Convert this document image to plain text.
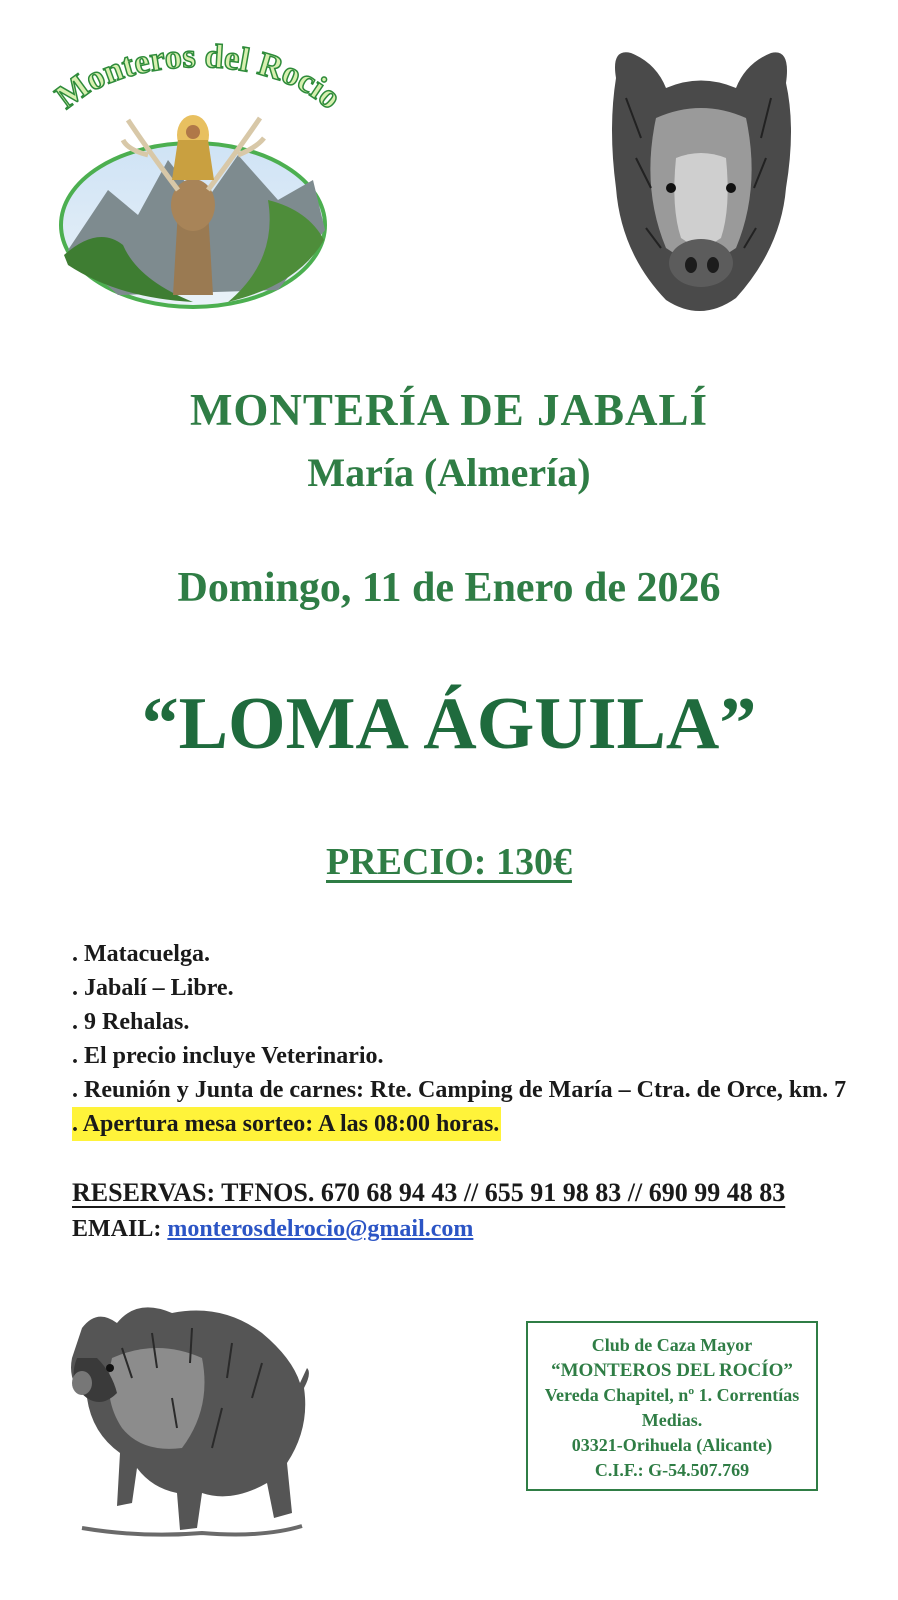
Monteros del Rocio
MONTERÍA DE JABALÍ
María (Almería)
Domingo, 11 de Enero de 2026
“LOMA ÁGUILA”
PRECIO: 130€
. Matacuelga.
. Jabalí – Libre.
. 9 Rehalas.
. El precio incluye Veterinario.
. Reunión y Junta de carnes: Rte. Camping de María – Ctra. de Orce, km. 7
. Apertura mesa sorteo: A las 08:00 horas.
RESERVAS: TFNOS. 670 68 94 43 // 655 91 98 83 // 690 99 48 83
EMAIL: monterosdelrocio@gmail.com
Club de Caza Mayor
“MONTEROS DEL ROCÍO”
Vereda Chapitel, nº 1. Correntías
Medias.
03321-Orihuela (Alicante)
C.I.F.: G-54.507.769
